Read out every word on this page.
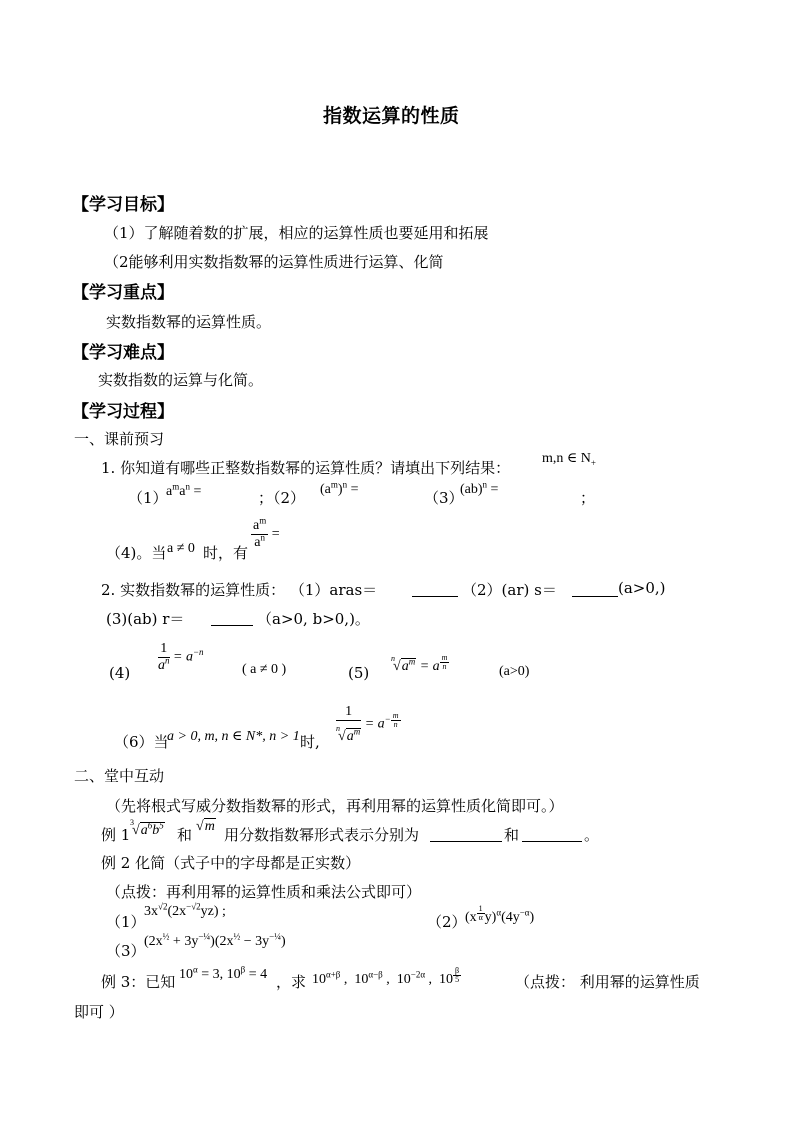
指数运算的性质
【学习目标】
（1）了解随着数的扩展，相应的运算性质也要延用和拓展
（2能够利用实数指数幂的运算性质进行运算、化简
【学习重点】
实数指数幂的运算性质。
【学习难点】
实数指数的运算与化简。
【学习过程】
一、课前预习
1. 你知道有哪些正整数指数幂的运算性质？请填出下列结果：
m,n ∈ $N_+$
（1）
$a^ma^n$ =	；（2） $(a^m)^n$ =	（3）
(ab)$^n$ =	；
（4)。当 a ≠ 0 时，有
$\frac{a^m}{a^n}$ =
2. 实数指数幂的运算性质： （1）aras＝	（2）(ar) s＝	(a>0,)
(3)(ab) r＝	（a>0, b>0,)。
$(4) \frac{1}{a^n} = a^{-n}$
( a ≠ 0 )	(5)
$^n√a^m = a$ $^{\frac{m}{n}}$
(a>0)
（6）当
a > 0, m, n ∈ N*, n > 1 时, $\frac{1}{^n√a^m} = a^{- \frac{m}{n}}$
二、堂中互动
（先将根式写威分数指数幂的形式，再利用幂的运算性质化简即可。）
例 1
$^3√a^6b^5$
和 √m 用分数指数幂形式表示分别为	和	。
例 2 化简（式子中的字母都是正实数）
（点拨：再利用幂的运算性质和乘法公式即可）
（1）
$3x^{√2}(2x^{-√2}yz)$ ;
（2）
(x $^{\frac{1}{\alpha}}$ $y)^\alpha(4y^{-\alpha})$
（3）
$(2x^{\frac{1}{2}} + 3y^{-\frac{1}{4}})(2x^{\frac{1}{2}} - 3y^{-\frac{1}{4}})$
例 3：已知 $10^\alpha = 3$, $10^\beta = 4$ ，求 $10^{\alpha+\beta}$ ,  $10^{\alpha-\beta}$ ,  $10^{-2\alpha}$ ,  10 $^{\frac{\beta}{5}}$	（点拨： 利用幂的运算性质
即可 ）
